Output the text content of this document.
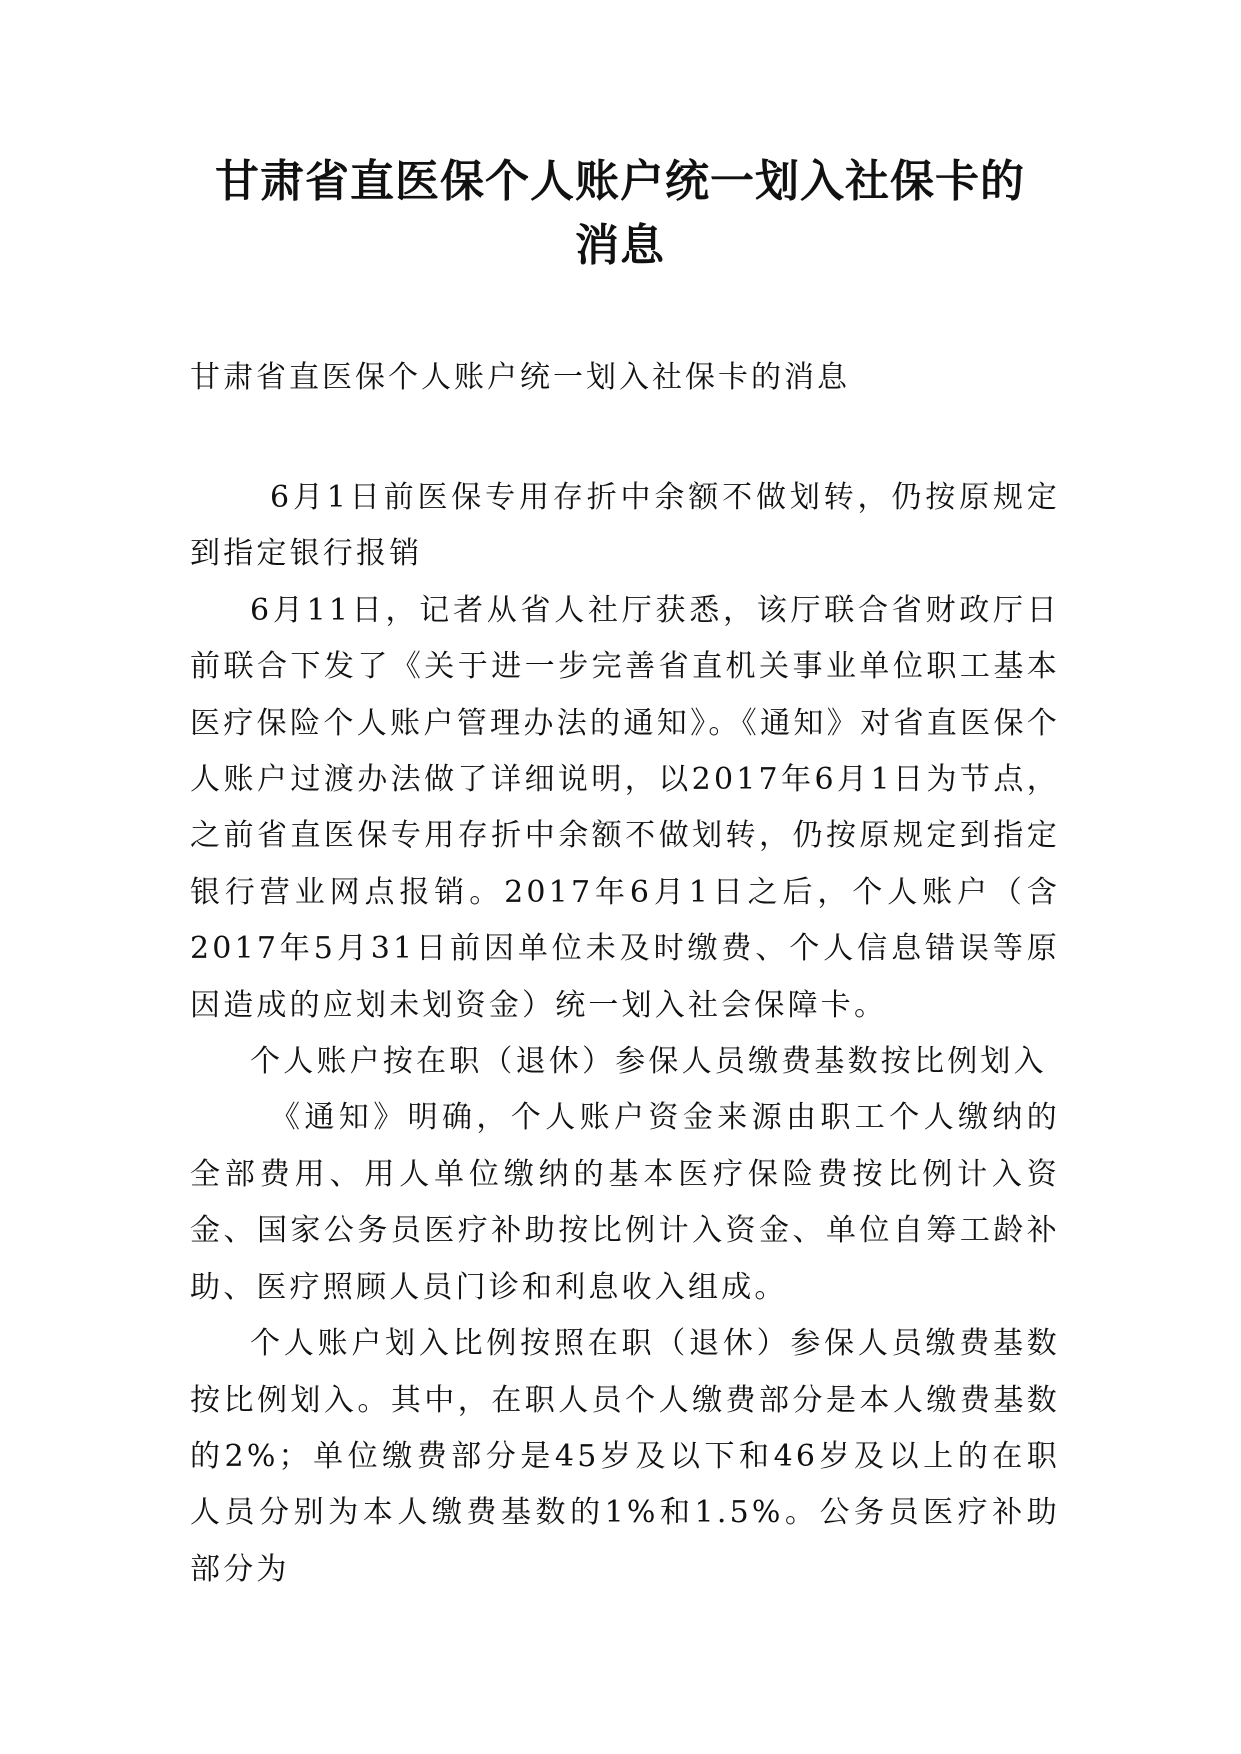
甘肃省直医保个人账户统一划入社保卡的
消息

甘肃省直医保个人账户统一划入社保卡的消息

6月1日前医保专用存折中余额不做划转，仍按原规定到指定银行报销

6月11日，记者从省人社厅获悉，该厅联合省财政厅日前联合下发了《关于进一步完善省直机关事业单位职工基本医疗保险个人账户管理办法的通知》。《通知》对省直医保个人账户过渡办法做了详细说明，以2017年6月1日为节点，之前省直医保专用存折中余额不做划转，仍按原规定到指定银行营业网点报销。2017年6月1日之后，个人账户（含2017年5月31日前因单位未及时缴费、个人信息错误等原因造成的应划未划资金）统一划入社会保障卡。

个人账户按在职（退休）参保人员缴费基数按比例划入

《通知》明确，个人账户资金来源由职工个人缴纳的全部费用、用人单位缴纳的基本医疗保险费按比例计入资金、国家公务员医疗补助按比例计入资金、单位自筹工龄补助、医疗照顾人员门诊和利息收入组成。

个人账户划入比例按照在职（退休）参保人员缴费基数按比例划入。其中，在职人员个人缴费部分是本人缴费基数的2%；单位缴费部分是45岁及以下和46岁及以上的在职人员分别为本人缴费基数的1%和1.5%。公务员医疗补助部分为
